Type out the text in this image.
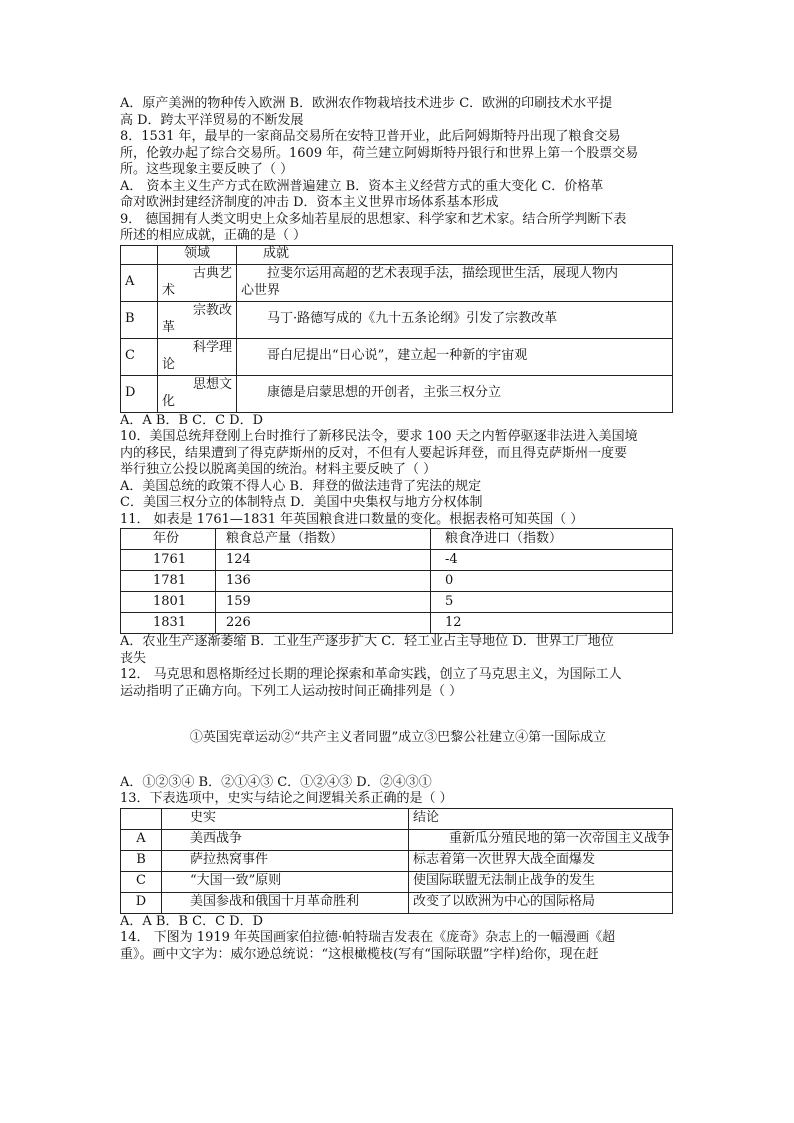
A．原产美洲的物种传入欧洲 B．欧洲农作物栽培技术进步 C．欧洲的印刷技术水平提

高 D．跨太平洋贸易的不断发展

8．1531 年，最早的一家商品交易所在安特卫普开业，此后阿姆斯特丹出现了粮食交易

所，伦敦办起了综合交易所。1609 年，荷兰建立阿姆斯特丹银行和世界上第一个股票交易

所。这些现象主要反映了（ ）

A． 资本主义生产方式在欧洲普遍建立 B．资本主义经营方式的重大变化 C．价格革

命对欧洲封建经济制度的冲击 D．资本主义世界市场体系基本形成

9． 德国拥有人类文明史上众多灿若星辰的思想家、科学家和艺术家。结合所学判断下表

所述的相应成就，正确的是（ ）

	领域	成就
A	古典艺
术	拉斐尔运用高超的艺术表现手法，描绘现世生活，展现人物内
心世界
B	宗教改
革	马丁·路德写成的《九十五条论纲》引发了宗教改革
C	科学理
论	哥白尼提出“日心说”，建立起一种新的宇宙观
D	思想文
化	康德是启蒙思想的开创者，主张三权分立

A．A B．B C．C D．D

10．美国总统拜登刚上台时推行了新移民法令，要求 100 天之内暂停驱逐非法进入美国境

内的移民，结果遭到了得克萨斯州的反对，不但有人要起诉拜登，而且得克萨斯州一度要

举行独立公投以脱离美国的统治。材料主要反映了（ ）

A．美国总统的政策不得人心 B．拜登的做法违背了宪法的规定

C．美国三权分立的体制特点 D．美国中央集权与地方分权体制

11． 如表是 1761—1831 年英国粮食进口数量的变化。根据表格可知英国（ ）

年份	粮食总产量（指数）	粮食净进口（指数）
1761	124	-4
1781	136	0
1801	159	5
1831	226	12

A．农业生产逐渐萎缩 B．工业生产逐步扩大 C．轻工业占主导地位 D．世界工厂地位

丧失

12． 马克思和恩格斯经过长期的理论探索和革命实践，创立了马克思主义，为国际工人

运动指明了正确方向。下列工人运动按时间正确排列是（ ）

①英国宪章运动②“共产主义者同盟”成立③巴黎公社建立④第一国际成立

A．①②③④ B．②①④③ C．①②④③ D．②④③①

13．下表选项中，史实与结论之间逻辑关系正确的是（ ）

	史实	结论
A	美西战争	重新瓜分殖民地的第一次帝国主义战争
B	萨拉热窝事件	标志着第一次世界大战全面爆发
C	“大国一致”原则	使国际联盟无法制止战争的发生
D	美国参战和俄国十月革命胜利	改变了以欧洲为中心的国际格局

A．A B．B C．C D．D

14． 下图为 1919 年英国画家伯拉德·帕特瑞吉发表在《庞奇》杂志上的一幅漫画《超

重》。画中文字为：威尔逊总统说：“这根橄榄枝(写有“国际联盟”字样)给你，现在赶
